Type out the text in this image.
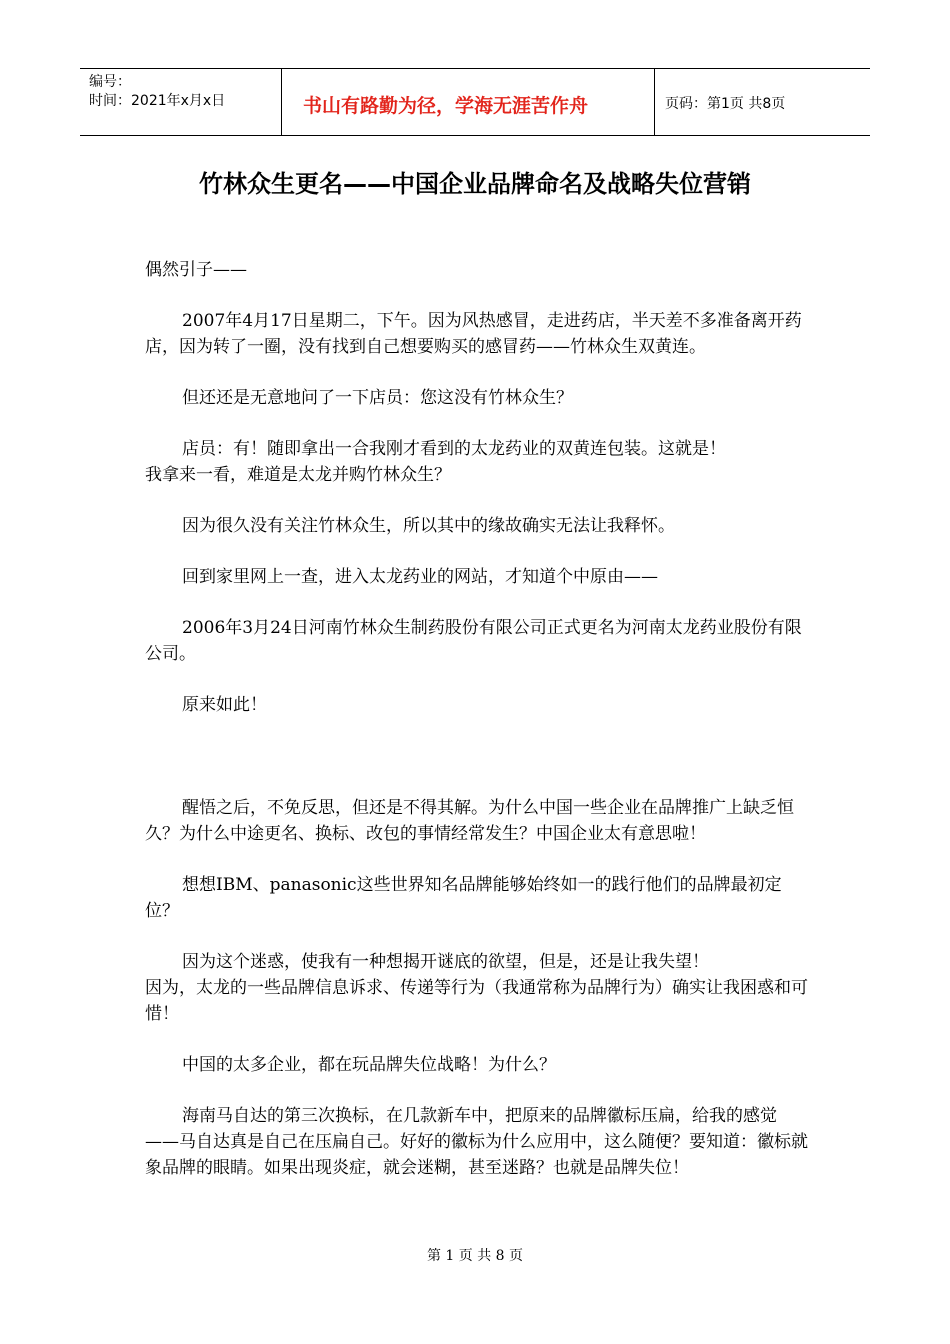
编号：
时间：2021年x月x日	书山有路勤为径，学海无涯苦作舟	页码：第1页 共8页
竹林众生更名——中国企业品牌命名及战略失位营销

偶然引子——

2007年4月17日星期二，下午。因为风热感冒，走进药店，半天差不多准备离开药店，因为转了一圈，没有找到自己想要购买的感冒药——竹林众生双黄连。

但还还是无意地问了一下店员：您这没有竹林众生？

店员：有！随即拿出一合我刚才看到的太龙药业的双黄连包装。这就是！
我拿来一看，难道是太龙并购竹林众生？

因为很久没有关注竹林众生，所以其中的缘故确实无法让我释怀。

回到家里网上一查，进入太龙药业的网站，才知道个中原由——

2006年3月24日河南竹林众生制药股份有限公司正式更名为河南太龙药业股份有限公司。

原来如此！

醒悟之后，不免反思，但还是不得其解。为什么中国一些企业在品牌推广上缺乏恒久？为什么中途更名、换标、改包的事情经常发生？中国企业太有意思啦！

想想IBM、panasonic这些世界知名品牌能够始终如一的践行他们的品牌最初定位？

因为这个迷惑，使我有一种想揭开谜底的欲望，但是，还是让我失望！
因为，太龙的一些品牌信息诉求、传递等行为（我通常称为品牌行为）确实让我困惑和可惜！

中国的太多企业，都在玩品牌失位战略！为什么？

海南马自达的第三次换标，在几款新车中，把原来的品牌徽标压扁，给我的感觉——马自达真是自己在压扁自己。好好的徽标为什么应用中，这么随便？要知道：徽标就象品牌的眼睛。如果出现炎症，就会迷糊，甚至迷路？也就是品牌失位！

第 1 页 共 8 页
